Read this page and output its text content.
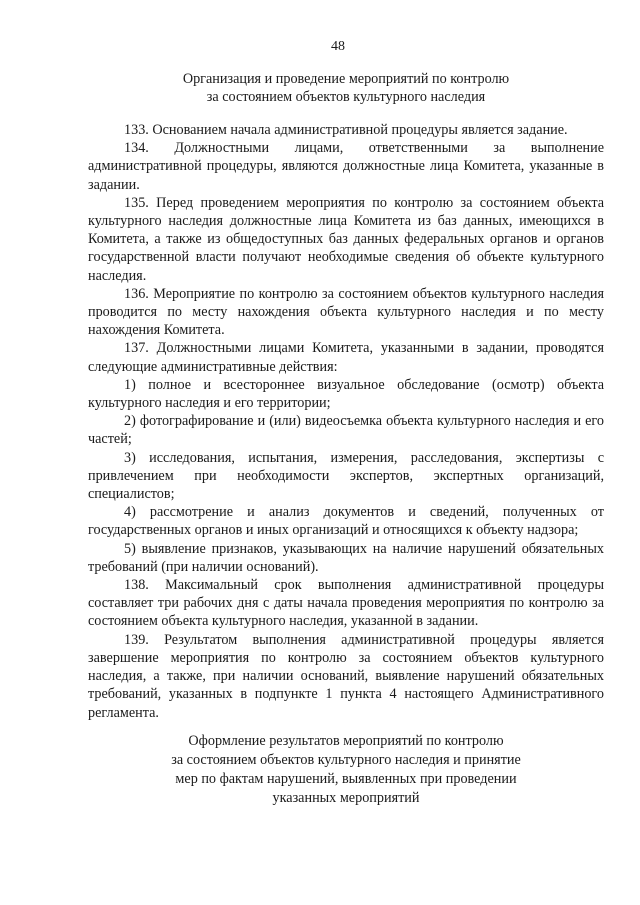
48
Организация и проведение мероприятий по контролю
за состоянием объектов культурного наследия

133. Основанием начала административной процедуры является задание.

134. Должностными лицами, ответственными за выполнение административной процедуры, являются должностные лица Комитета, указанные в задании.

135. Перед проведением мероприятия по контролю за состоянием объекта культурного наследия должностные лица Комитета из баз данных, имеющихся в Комитета, а также из общедоступных баз данных федеральных органов и органов государственной власти получают необходимые сведения об объекте культурного наследия.

136. Мероприятие по контролю за состоянием объектов культурного наследия проводится по месту нахождения объекта культурного наследия и по месту нахождения Комитета.

137. Должностными лицами Комитета, указанными в задании, проводятся следующие административные действия:

1) полное и всестороннее визуальное обследование (осмотр) объекта культурного наследия и его территории;

2) фотографирование и (или) видеосъемка объекта культурного наследия и его частей;

3) исследования, испытания, измерения, расследования, экспертизы с привлечением при необходимости экспертов, экспертных организаций, специалистов;

4) рассмотрение и анализ документов и сведений, полученных от государственных органов и иных организаций и относящихся к объекту надзора;

5) выявление признаков, указывающих на наличие нарушений обязательных требований (при наличии оснований).

138. Максимальный срок выполнения административной процедуры составляет три рабочих дня с даты начала проведения мероприятия по контролю за состоянием объекта культурного наследия, указанной в задании.

139. Результатом выполнения административной процедуры является завершение мероприятия по контролю за состоянием объектов культурного наследия, а также, при наличии оснований, выявление нарушений обязательных требований, указанных в подпункте 1 пункта 4 настоящего Административного регламента.

Оформление результатов мероприятий по контролю
за состоянием объектов культурного наследия и принятие
мер по фактам нарушений, выявленных при проведении
указанных мероприятий
